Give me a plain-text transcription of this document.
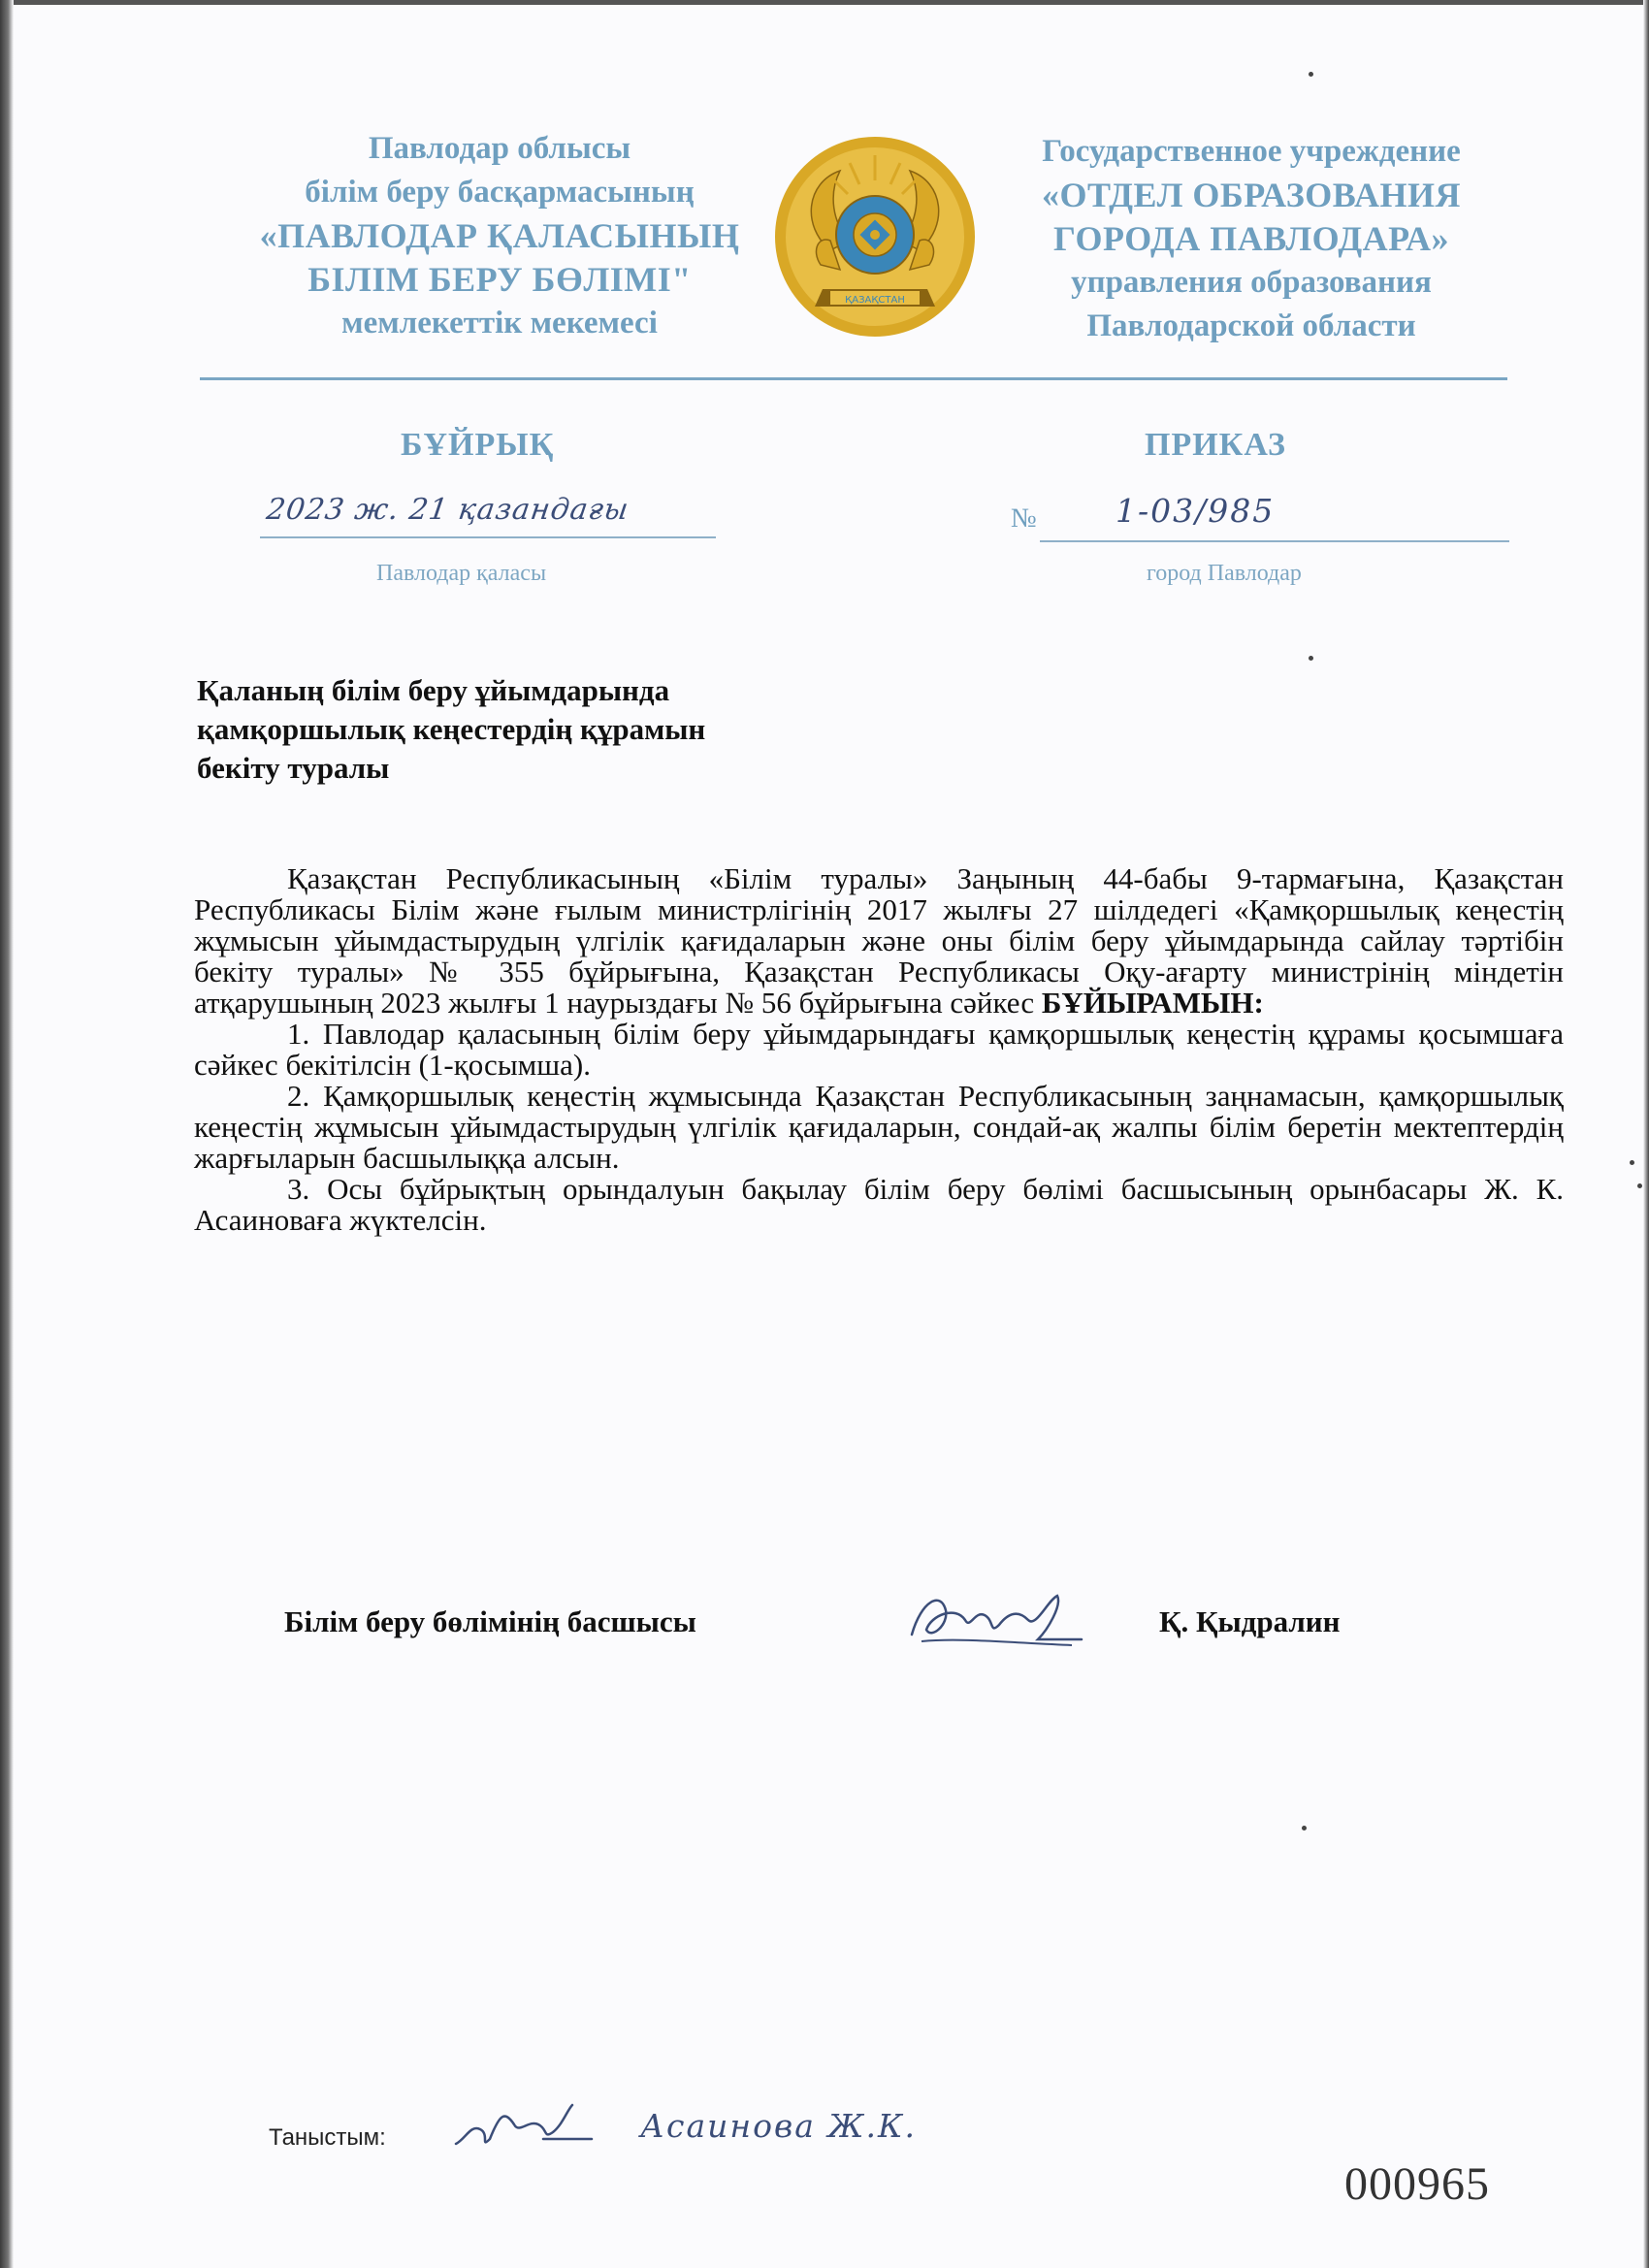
Павлодар облысы
білім беру басқармасының
«ПАВЛОДАР ҚАЛАСЫНЫҢ
БІЛІМ БЕРУ БӨЛІМІ"
мемлекеттік мекемесі
ҚАЗАҚСТАН
Государственное учреждение
«ОТДЕЛ ОБРАЗОВАНИЯ
ГОРОДА ПАВЛОДАРА»
управления образования
Павлодарской области
БҰЙРЫҚ	ПРИКАЗ
2023 ж. 21 қазандағы	№ 1-03/985
Павлодар қаласы	город Павлодар
Қаланың білім беру ұйымдарында
қамқоршылық кеңестердің құрамын
бекіту туралы

Қазақстан Республикасының «Білім туралы» Заңының 44-бабы 9-тармағына, Қазақстан Республикасы Білім және ғылым министрлігінің 2017 жылғы 27 шілдедегі «Қамқоршылық кеңестің жұмысын ұйымдастырудың үлгілік қағидаларын және оны білім беру ұйымдарында сайлау тәртібін бекіту туралы» № 355 бұйрығына, Қазақстан Республикасы Оқу-ағарту министрінің міндетін атқарушының 2023 жылғы 1 наурыздағы № 56 бұйрығына сәйкес БҰЙЫРАМЫН:

1. Павлодар қаласының білім беру ұйымдарындағы қамқоршылық кеңестің құрамы қосымшаға сәйкес бекітілсін (1-қосымша).

2. Қамқоршылық кеңестің жұмысында Қазақстан Республикасының заңнамасын, қамқоршылық кеңестің жұмысын ұйымдастырудың үлгілік қағидаларын, сондай-ақ жалпы білім беретін мектептердің жарғыларын басшылыққа алсын.

3. Осы бұйрықтың орындалуын бақылау білім беру бөлімі басшысының орынбасары Ж. К. Асаиноваға жүктелсін.

Білім беру бөлімінің басшысы	Қ. Қыдралин
Таныстым:	Асаинова Ж.К.
000965
